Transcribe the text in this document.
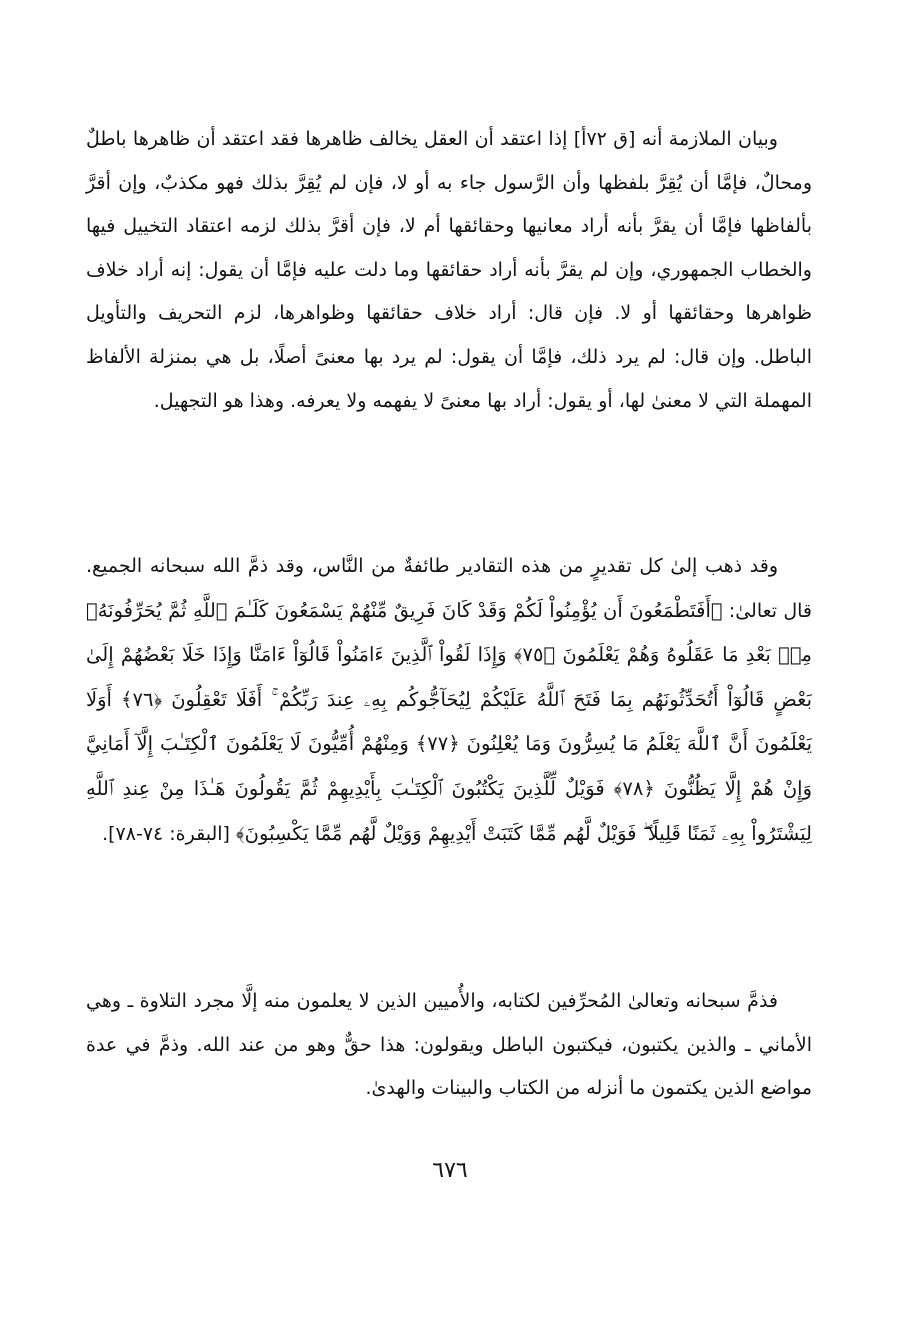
وبيان الملازمة أنه [ق ٧٢أ] إذا اعتقد أن العقل يخالف ظاهرها فقد اعتقد أن ظاهرها باطلٌ ومحالٌ، فإمَّا أن يُقِرَّ بلفظها وأن الرَّسول جاء به أو لا، فإن لم يُقِرَّ بذلك فهو مكذبٌ، وإن أقرَّ بألفاظها فإمَّا أن يقرَّ بأنه أراد معانيها وحقائقها أم لا، فإن أقرَّ بذلك لزمه اعتقاد التخييل فيها والخطاب الجمهوري، وإن لم يقرَّ بأنه أراد حقائقها وما دلت عليه فإمَّا أن يقول: إنه أراد خلاف ظواهرها وحقائقها أو لا. فإن قال: أراد خلاف حقائقها وظواهرها، لزم التحريف والتأويل الباطل. وإن قال: لم يرد ذلك، فإمَّا أن يقول: لم يرد بها معنىً أصلًا، بل هي بمنزلة الألفاظ المهملة التي لا معنىٰ لها، أو يقول: أراد بها معنىً لا يفهمه ولا يعرفه. وهذا هو التجهيل.

وقد ذهب إلىٰ كل تقديرٍ من هذه التقادير طائفةٌ من النَّاس، وقد ذمَّ الله سبحانه الجميع. قال تعالىٰ: ﴿أَفَتَطْمَعُونَ أَن يُؤْمِنُواْ لَكُمْ وَقَدْ كَانَ فَرِيقٌ مِّنْهُمْ يَسْمَعُونَ كَلَـٰمَ ٱللَّهِ ثُمَّ يُحَرِّفُونَهُۥ مِنۢ بَعْدِ مَا عَقَلُوهُ وَهُمْ يَعْلَمُونَ ﴿٧٥﴾ وَإِذَا لَقُواْ ٱلَّذِينَ ءَامَنُواْ قَالُوٓاْ ءَامَنَّا وَإِذَا خَلَا بَعْضُهُمْ إِلَىٰ بَعْضٍ قَالُوٓاْ أَتُحَدِّثُونَهُم بِمَا فَتَحَ ٱللَّهُ عَلَيْكُمْ لِيُحَآجُّوكُم بِهِۦ عِندَ رَبِّكُمْ ۚ أَفَلَا تَعْقِلُونَ ﴿٧٦﴾ أَوَلَا يَعْلَمُونَ أَنَّ ٱللَّهَ يَعْلَمُ مَا يُسِرُّونَ وَمَا يُعْلِنُونَ ﴿٧٧﴾ وَمِنْهُمْ أُمِّيُّونَ لَا يَعْلَمُونَ ٱلْكِتَـٰبَ إِلَّآ أَمَانِيَّ وَإِنْ هُمْ إِلَّا يَظُنُّونَ ﴿٧٨﴾ فَوَيْلٌ لِّلَّذِينَ يَكْتُبُونَ ٱلْكِتَـٰبَ بِأَيْدِيهِمْ ثُمَّ يَقُولُونَ هَـٰذَا مِنْ عِندِ ٱللَّهِ لِيَشْتَرُواْ بِهِۦ ثَمَنًا قَلِيلًا ۖ فَوَيْلٌ لَّهُم مِّمَّا كَتَبَتْ أَيْدِيهِمْ وَوَيْلٌ لَّهُم مِّمَّا يَكْسِبُونَ﴾ [البقرة: ٧٤-٧٨].

فذمَّ سبحانه وتعالىٰ المُحرِّفين لكتابه، والأُميين الذين لا يعلمون منه إلَّا مجرد التلاوة ـ وهي الأماني ـ والذين يكتبون، فيكتبون الباطل ويقولون: هذا حقٌّ وهو من عند الله. وذمَّ في عدة مواضع الذين يكتمون ما أنزله من الكتاب والبينات والهدىٰ.

٦٧٦
